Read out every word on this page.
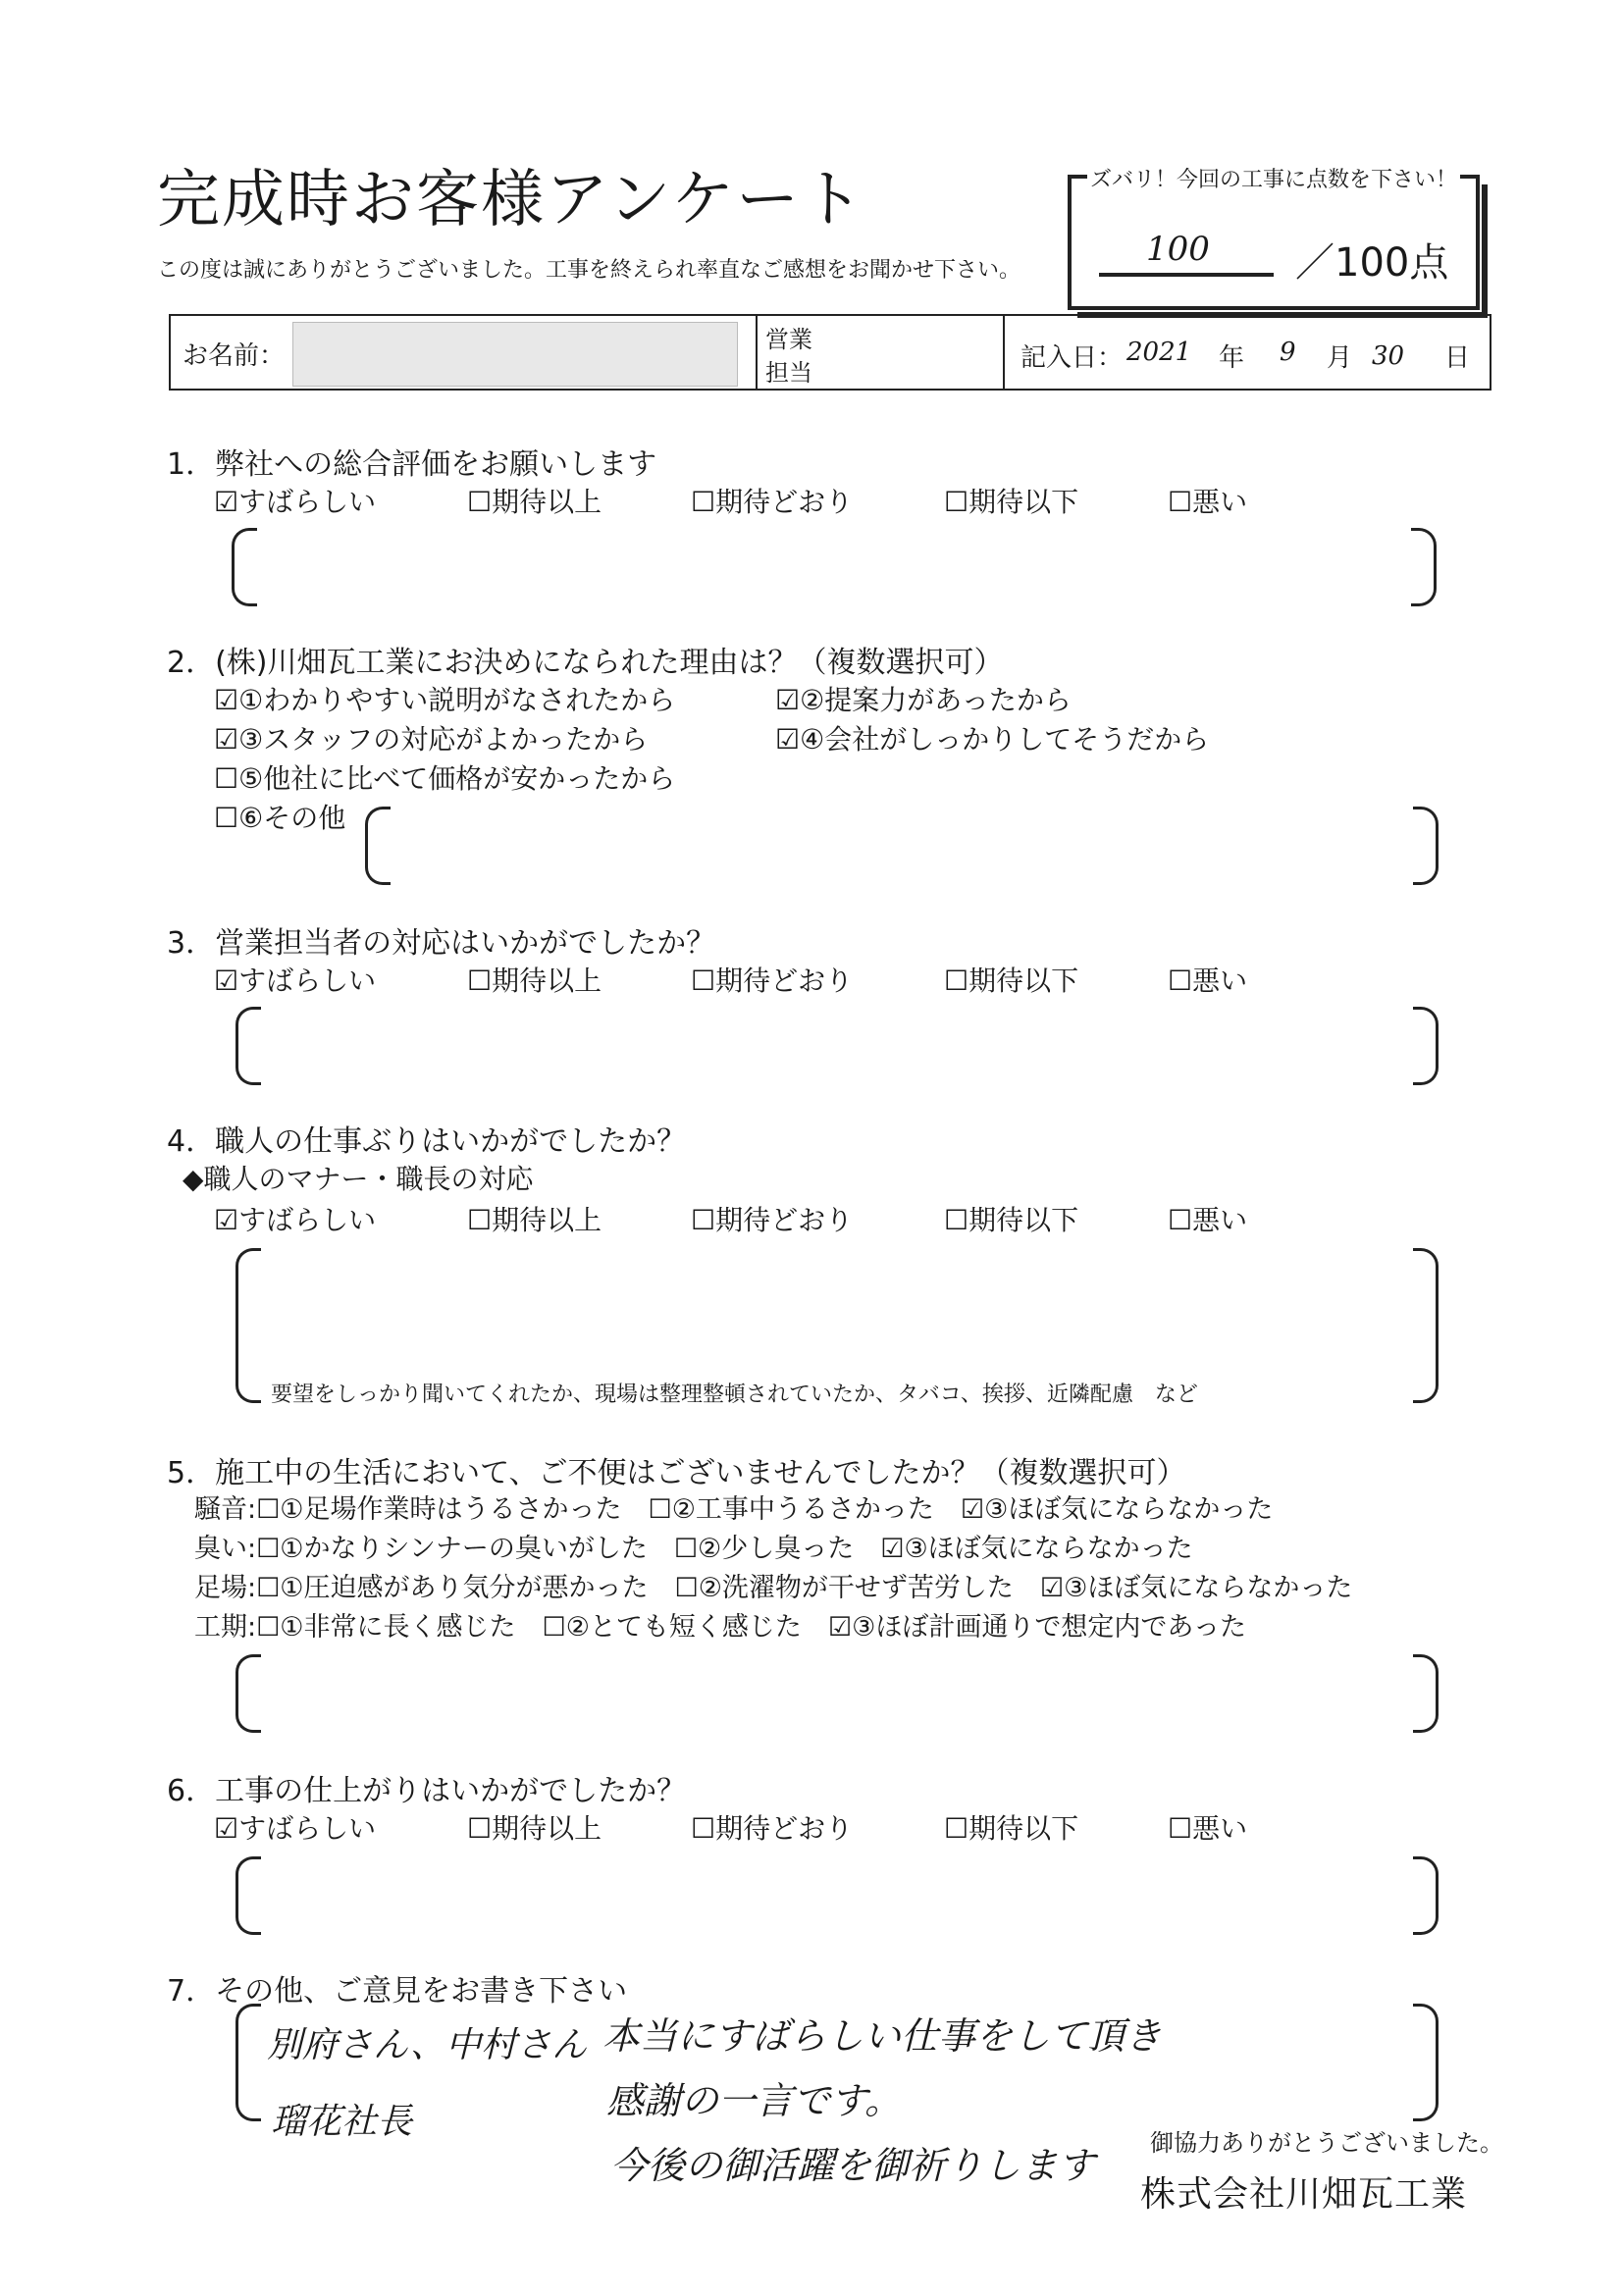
完成時お客様アンケート
この度は誠にありがとうございました。工事を終えられ率直なご感想をお聞かせ下さい。
ズバリ！今回の工事に点数を下さい！
100 ／100点
お名前：
営業
担当	記入日： 2021 年 9 月 30 日
1．弊社への総合評価をお願いします
☑すばらしい	☐期待以上	☐期待どおり	☐期待以下	☐悪い
2．(株)川畑瓦工業にお決めになられた理由は？（複数選択可）
☑①わかりやすい説明がなされたから	☑②提案力があったから
☑③スタッフの対応がよかったから	☑④会社がしっかりしてそうだから
☐⑤他社に比べて価格が安かったから
☐⑥その他
3．営業担当者の対応はいかがでしたか？
☑すばらしい	☐期待以上	☐期待どおり	☐期待以下	☐悪い
4．職人の仕事ぶりはいかがでしたか？
◆職人のマナー・職長の対応
☑すばらしい	☐期待以上	☐期待どおり	☐期待以下	☐悪い
要望をしっかり聞いてくれたか、現場は整理整頓されていたか、タバコ、挨拶、近隣配慮　など
5．施工中の生活において、ご不便はございませんでしたか？（複数選択可）
騒音:☐①足場作業時はうるさかった　☐②工事中うるさかった　☑③ほぼ気にならなかった
臭い:☐①かなりシンナーの臭いがした　☐②少し臭った　☑③ほぼ気にならなかった
足場:☐①圧迫感があり気分が悪かった　☐②洗濯物が干せず苦労した　☑③ほぼ気にならなかった
工期:☐①非常に長く感じた　☐②とても短く感じた　☑③ほぼ計画通りで想定内であった
6．工事の仕上がりはいかがでしたか？
☑すばらしい	☐期待以上	☐期待どおり	☐期待以下	☐悪い
7．その他、ご意見をお書き下さい
別府さん、中村さん
瑠花社長
本当にすばらしい仕事をして頂き
感謝の一言です。
今後の御活躍を御祈りします
御協力ありがとうございました。
株式会社川畑瓦工業
